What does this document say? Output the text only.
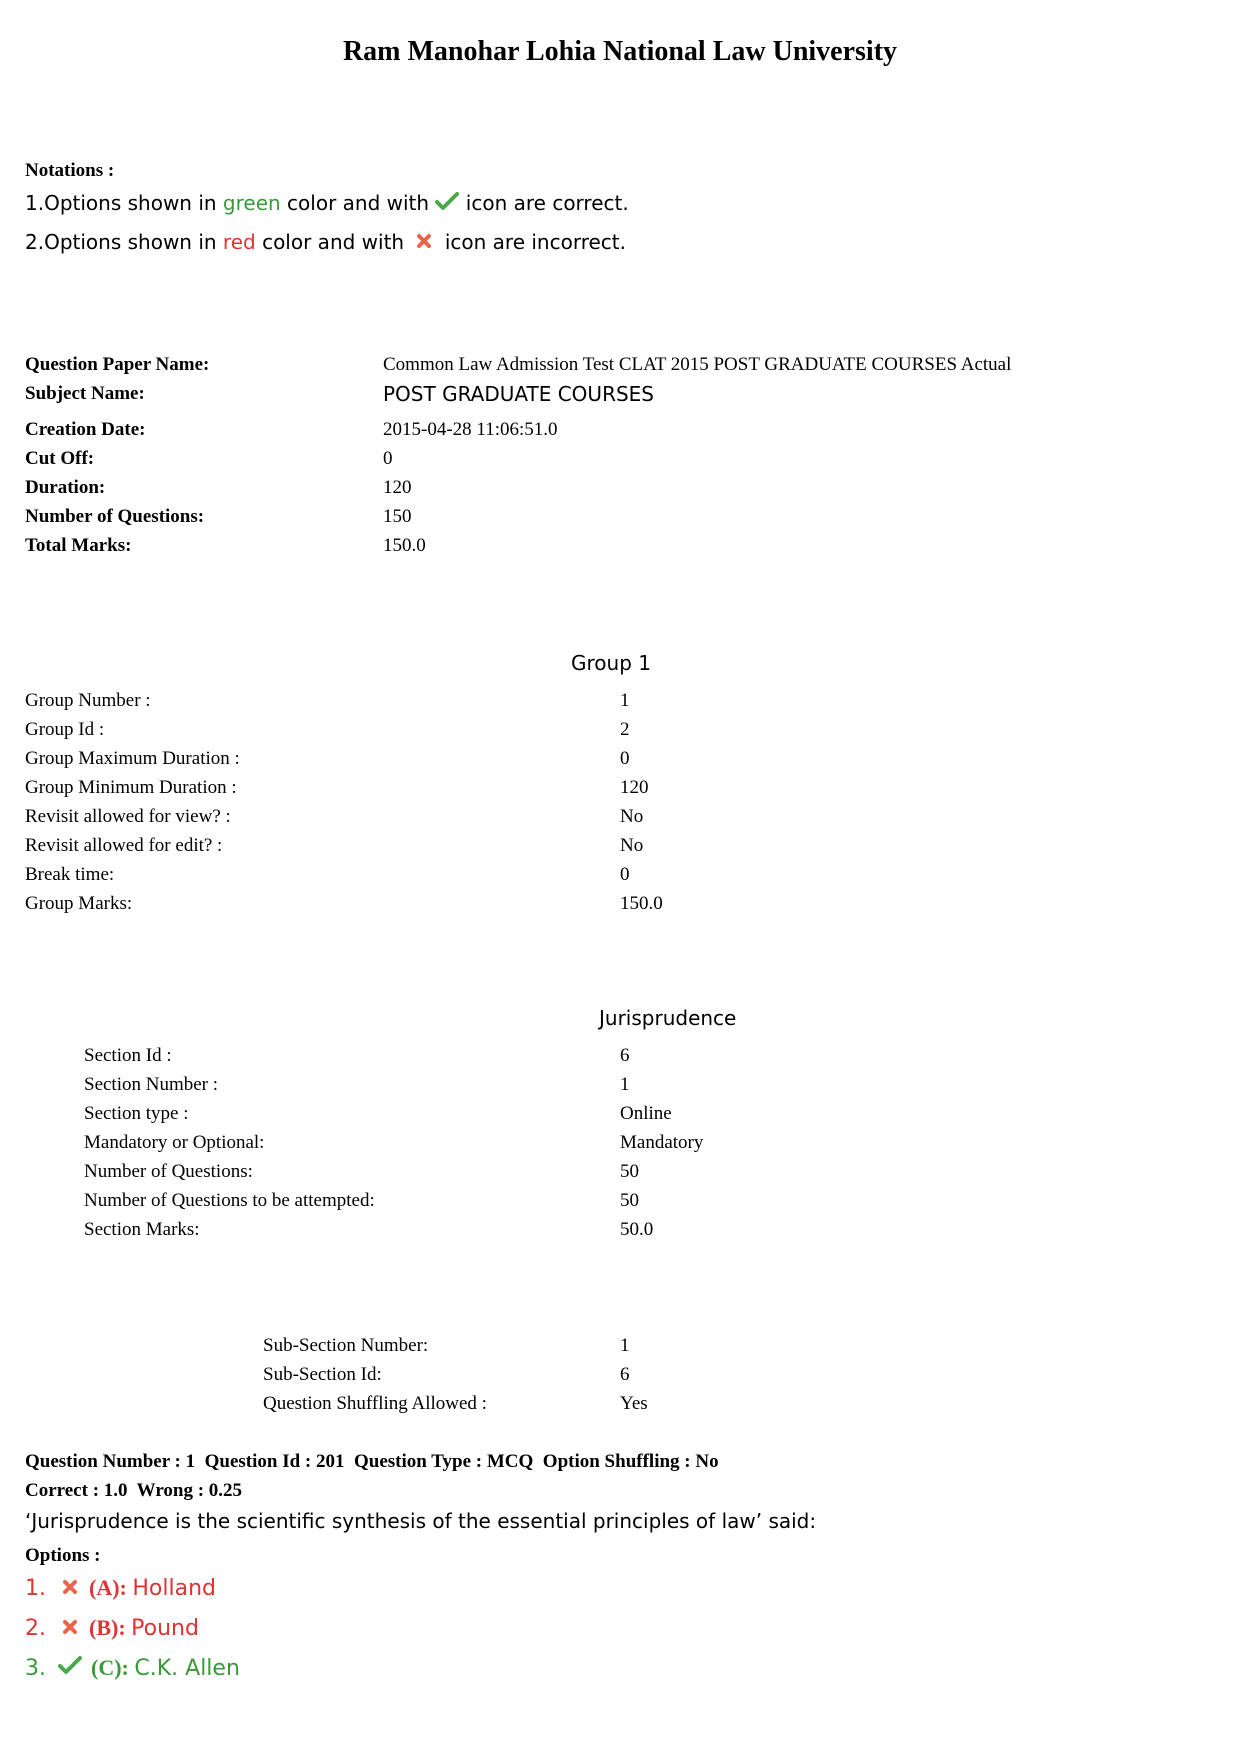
Ram Manohar Lohia National Law University
Notations :
1.Options shown in green color and with icon are correct.
2.Options shown in red color and with icon are incorrect.
Question Paper Name:	Common Law Admission Test CLAT 2015 POST GRADUATE COURSES Actual
Subject Name:	POST GRADUATE COURSES
Creation Date:	2015-04-28 11:06:51.0
Cut Off:	0
Duration:	120
Number of Questions:	150
Total Marks:	150.0
Group 1
Group Number :	1
Group Id :	2
Group Maximum Duration :	0
Group Minimum Duration :	120
Revisit allowed for view? :	No
Revisit allowed for edit? :	No
Break time:	0
Group Marks:	150.0
Jurisprudence
Section Id :	6
Section Number :	1
Section type :	Online
Mandatory or Optional:	Mandatory
Number of Questions:	50
Number of Questions to be attempted:	50
Section Marks:	50.0
Sub-Section Number:	1
Sub-Section Id:	6
Question Shuffling Allowed :	Yes
Question Number : 1  Question Id : 201  Question Type : MCQ  Option Shuffling : No
Correct : 1.0  Wrong : 0.25
‘Jurisprudence is the scientific synthesis of the essential principles of law’ said:
Options :
1. (A): Holland
2. (B): Pound
3. (C): C.K. Allen
